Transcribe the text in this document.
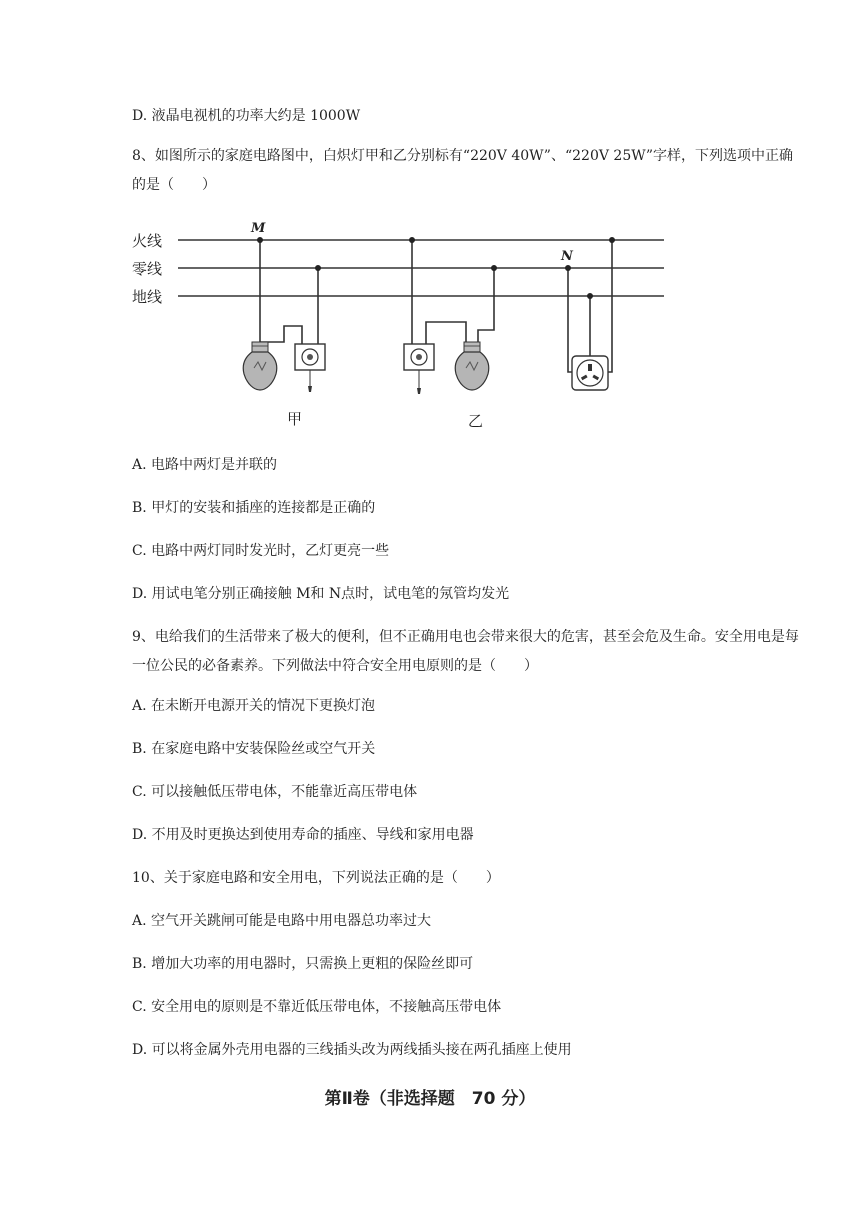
D. 液晶电视机的功率大约是 1000W
8、如图所示的家庭电路图中，白炽灯甲和乙分别标有“220V 40W”、“220V 25W”字样，下列选项中正确的是（　　）
火线
零线
地线
M
N
甲	乙
A. 电路中两灯是并联的
B. 甲灯的安装和插座的连接都是正确的
C. 电路中两灯同时发光时，乙灯更亮一些
D. 用试电笔分别正确接触 M和 N点时，试电笔的氖管均发光
9、电给我们的生活带来了极大的便利，但不正确用电也会带来很大的危害，甚至会危及生命。安全用电是每一位公民的必备素养。下列做法中符合安全用电原则的是（　　）
A. 在未断开电源开关的情况下更换灯泡
B. 在家庭电路中安装保险丝或空气开关
C. 可以接触低压带电体，不能靠近高压带电体
D. 不用及时更换达到使用寿命的插座、导线和家用电器
10、关于家庭电路和安全用电，下列说法正确的是（　　）
A. 空气开关跳闸可能是电路中用电器总功率过大
B. 增加大功率的用电器时，只需换上更粗的保险丝即可
C. 安全用电的原则是不靠近低压带电体，不接触高压带电体
D. 可以将金属外壳用电器的三线插头改为两线插头接在两孔插座上使用
第Ⅱ卷（非选择题　70 分）
